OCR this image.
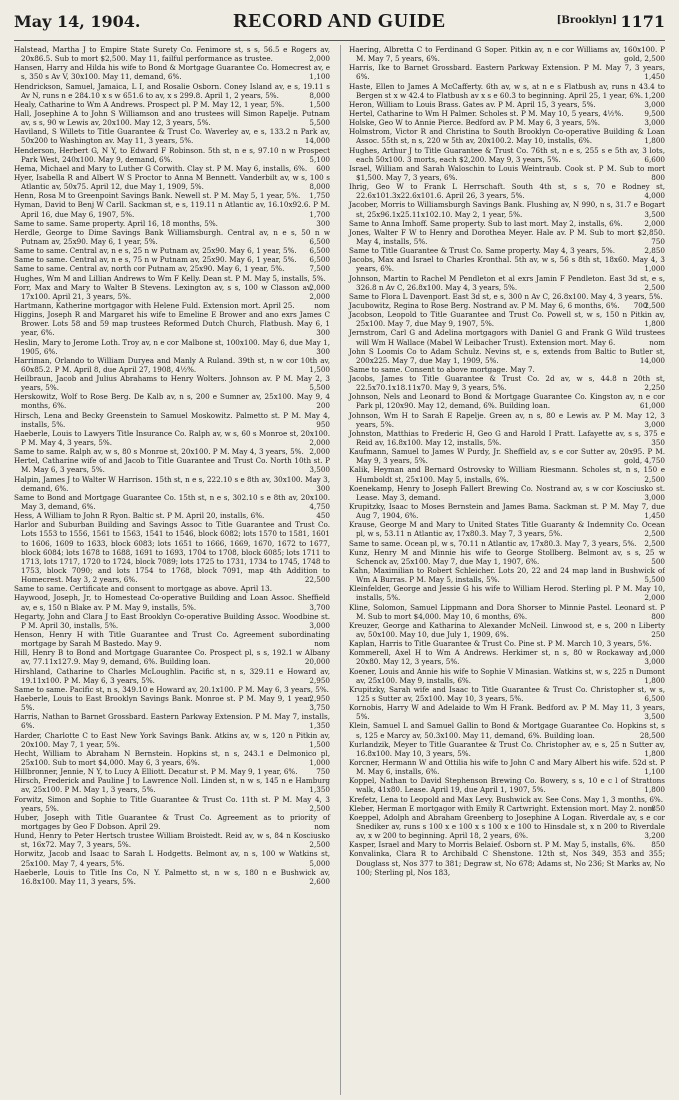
May 14, 1904.	RECORD AND GUIDE	[Brooklyn] 1171

Halstead, Martha J to Empire State Surety Co. Fenimore st, s s, 56.5 e Rogers av, 20x86.5. Sub to mort $2,500. May 11, failful performance as trustee.	2,000

Hansen, Harry and Hilda his wife to Bond & Mortgage Guarantee Co. Homecrest av, e s, 350 s Av V, 30x100. May 11, demand, 6%.	1,100

Hendrickson, Samuel, Jamaica, L I, and Rosalie Osborn. Coney Island av, e s, 19.11 s Av N, runs n e 284.10 x s w 651.6 to av, x s 299.8. April 1, 2 years, 5%.	8,000

Healy, Catharine to Wm A Andrews. Prospect pl. P M. May 12, 1 year, 5%.	1,500

Hall, Josephine A to John S Williamson and ano trustees will Simon Rapelje. Putnam av, s s, 90 w Lewis av, 20x100. May 12, 3 years, 5%.	5,500

Haviland, S Willets to Title Guarantee & Trust Co. Waverley av, e s, 133.2 n Park av, 50x200 to Washington av. May 11, 3 years, 5%.	14,000

Henderson, Herbert G, N Y, to Edward F Robinson. 5th st, n e s, 97.10 n w Prospect Park West, 240x100. May 9, demand, 6%.	5,100

Hema, Michael and Mary to Luther G Corwith. Clay st. P M. May 6, installs, 6%. 600

Hyer, Isabella R and Albert W S Proctor to Anna M Bennett. Vanderbilt av, w s, 100 s Atlantic av, 50x75. April 12, due May 1, 1909, 5%.	8,000

Henn, Rosa M to Greenpoint Savings Bank. Newell st. P M. May 5, 1 year, 5%. 1,750

Hyman, David to Benj W Carll. Sackman st, e s, 119.11 n Atlantic av, 16.10x92.6. P M. April 16, due May 6, 1907, 5%.	1,700

Same to same. Same property. April 16, 18 months, 5%.	300

Herdle, George to Dime Savings Bank Williamsburgh. Central av, n e s, 50 n w Putnam av, 25x90. May 6, 1 year, 5%.	6,500

Same to same. Central av, n e s, 25 n w Putnam av, 25x90. May 6, 1 year, 5%. 6,500

Same to same. Central av, n e s, 75 n w Putnam av, 25x90. May 6, 1 year, 5%. 6,500

Same to same. Central av, north cor Putnam av, 25x90. May 6, 1 year, 5%.	7,500

Hughes, Wm M and Lillian Andrews to Wm F Kelly. Dean st. P M. May 5, installs, 5%.
2,000

Forr, Max and Mary to Walter B Stevens. Lexington av, s s, 100 w Classon av, 17x100. April 21, 3 years, 5%.	2,000

Hartmann, Katherine mortgagor with Helene Fuld. Extension mort. April 25.	nom

Higgins, Joseph R and Margaret his wife to Emeline E Brower and ano exrs James C Brower. Lots 58 and 59 map trustees Reformed Dutch Church, Flatbush. May 6, 1 year, 6%.	300

Heslin, Mary to Jerome Loth. Troy av, n e cor Malbone st, 100x100. May 6, due May 1, 1905, 6%.	300

Harriman, Orlando to William Duryea and Manly A Ruland. 39th st, n w cor 10th av, 60x85.2. P M. April 8, due April 27, 1908, 4½%.	1,500

Heilbraun, Jacob and Julius Abrahams to Henry Wolters. Johnson av. P M. May 2, 3 years, 5%.	5,500

Herskowitz, Wolf to Rose Berg. De Kalb av, n s, 200 e Sumner av, 25x100. May 9, 4 months, 6%.	200

Hirsch, Lena and Becky Greenstein to Samuel Moskowitz. Palmetto st. P M. May 4, installs, 5%.	950

Haeberle, Louis to Lawyers Title Insurance Co. Ralph av, w s, 60 s Monroe st, 20x100. P M. May 4, 3 years, 5%.	2,000

Same to same. Ralph av, w s, 80 s Monroe st, 20x100. P M. May 4, 3 years, 5%. 2,000

Hertel, Catharine wife of and Jacob to Title Guarantee and Trust Co. North 10th st. P M. May 6, 3 years, 5%.	3,500

Halpin, James J to Walter W Harrison. 15th st, n e s, 222.10 s e 8th av, 30x100. May 3, demand, 6%.	300

Same to Bond and Mortgage Guarantee Co. 15th st, n e s, 302.10 s e 8th av, 20x100. May 3, demand, 6%.	4,750

Hess, A William to John R Ryon. Baltic st. P M. April 20, installs, 6%.	450

Harlor and Suburban Building and Savings Assoc to Title Guarantee and Trust Co. Lots 1553 to 1556, 1561 to 1563, 1541 to 1546, block 6082; lots 1570 to 1581, 1601 to 1606, 1609 to 1633, block 6083; lots 1651 to 1666, 1669, 1670, 1672 to 1677, block 6084; lots 1678 to 1688, 1691 to 1693, 1704 to 1708, block 6085; lots 1711 to 1713, lots 1717, 1720 to 1724, block 7089; lots 1725 to 1731, 1734 to 1745, 1748 to 1753, block 7090; and lots 1754 to 1768, block 7091, map 4th Addition to Homecrest. May 3, 2 years, 6%.	22,500

Same to same. Certificate and consent to mortgage as above. April 13.

Haywood, Joseph, Jr, to Homestead Co-operative Building and Loan Assoc. Sheffield av, e s, 150 n Blake av. P M. May 9, installs, 5%.	3,700

Hegarty, John and Clara J to East Brooklyn Co-operative Building Assoc. Woodbine st. P M. April 30, installs, 5%.	3,000

Henson, Henry H with Title Guarantee and Trust Co. Agreement subordinating mortgage by Sarah M Bastedo. May 9.	nom

Hill, Henry B to Bond and Mortgage Guarantee Co. Prospect pl, s s, 192.1 w Albany av, 77.11x127.9. May 9, demand, 6%. Building loan.	20,000

Hirshland, Catharine to Charles McLoughlin. Pacific st, n s, 329.11 e Howard av, 19.11x100. P M. May 6, 3 years, 5%.	2,950

Same to same. Pacific st, n s, 349.10 e Howard av, 20.1x100. P M. May 6, 3 years, 5%.
2,950

Haeberle, Louis to East Brooklyn Savings Bank. Monroe st. P M. May 9, 1 year, 5%.	3,750

Harris, Nathan to Barnet Grossbard. Eastern Parkway Extension. P M. May 7, installs, 6%.	1,350

Harder, Charlotte C to East New York Savings Bank. Atkins av, w s, 120 n Pitkin av, 20x100. May 7, 1 year, 5%.	1,500

Hecht, William to Abraham N Bernstein. Hopkins st, n s, 243.1 e Delmonico pl, 25x100. Sub to mort $4,000. May 6, 3 years, 6%.	1,000

Hillbronner, Jennie, N Y, to Lucy A Elliott. Decatur st. P M. May 9, 1 year, 6%.	750

Hirsch, Frederick and Pauline J to Lawrence Noll. Linden st, n w s, 145 n e Hamburg av, 25x100. P M. May 1, 3 years, 5%.	1,350

Forwitz, Simon and Sophie to Title Guarantee & Trust Co. 11th st. P M. May 4, 3 years, 5%.	2,500

Huber, Joseph with Title Guarantee & Trust Co. Agreement as to priority of mortgages by Geo F Dobson. April 29.	nom

Hund, Henry to Peter Hertsch trustee William Broistedt. Reid av, w s, 84 n Kosciusko st, 16x72. May 7, 3 years, 5%.	2,500

Horwitz, Jacob and Isaac to Sarah L Hodgetts. Belmont av, n s, 100 w Watkins st, 25x100. May 7, 4 years, 5%.	5,000

Haeberle, Louis to Title Ins Co, N Y. Palmetto st, n w s, 180 n e Bushwick av, 16.8x100. May 11, 3 years, 5%.	2,600

Haering, Albretta C to Ferdinand G Soper. Pitkin av, n e cor Williams av, 160x100. P M. May 7, 5 years, 6%.	gold, 2,500

Harris, Ike to Barnet Grossbard. Eastern Parkway Extension. P M. May 7, 3 years, 6%.	1,450

Haste, Ellen to James A McCafferty. 6th av, w s, at n e s Flatbush av, runs n 43.4 to Bergen st x w 42.4 to Flatbush av x s e 60.3 to beginning. April 25, 1 year, 6%. 1,200

Heron, William to Louis Brass. Gates av. P M. April 15, 3 years, 5%.	3,000

Hertel, Catharine to Wm H Palmer. Scholes st. P M. May 10, 5 years, 4½%.	9,500

Holske, Geo W to Annie Pierce. Bedford av. P M. May 6, 3 years, 5%.	3,000

Holmstrom, Victor R and Christina to South Brooklyn Co-operative Building & Loan Assoc. 55th st, n s, 220 w 5th av, 20x100.2. May 10, installs, 6%.	1,800

Hughes, Arthur J to Title Guarantee & Trust Co. 76th st, n e s, 255 s e 5th av, 3 lots, each 50x100. 3 morts, each $2,200. May 9, 3 years, 5%.	6,600

Israel, William and Sarah Waloschin to Louis Weintraub. Cook st. P M. Sub to mort $1,500. May 7, 3 years, 6%.	800

Ihrig, Geo W to Frank L Herrschaft. South 4th st, s s, 70 e Rodney st, 22.6x101.3x22.6x101.6. April 26, 3 years, 5%.	4,000

Jacober, Morris to Williamsburgh Savings Bank. Flushing av, N 990, n s, 31.7 e Bogart st, 25x96.1x25.11x102.10. May 2, 1 year, 5%.	3,500

Same to Anna Imhoff. Same property. Sub to last mort. May 2, installs, 6%.	2,000

Jones, Walter F W to Henry and Dorothea Meyer. Hale av. P M. Sub to mort $2,850. May 4, installs, 5%.	750

Same to Title Guarantee & Trust Co. Same property. May 4, 3 years, 5%.	2,850

Jacobs, Max and Israel to Charles Kronthal. 5th av, w s, 56 s 8th st, 18x60. May 4, 3 years, 6%.	1,000

Johnson, Martin to Rachel M Pendleton et al exrs Jamin F Pendleton. East 3d st, e s, 326.8 n Av C, 26.8x100. May 4, 3 years, 5%.	2,500

Same to Flora L Davenport. East 3d st, e s, 300 n Av C, 26.8x100. May 4, 3 years, 5%.
2,500

Jacubowitz, Regina to Rose Berg. Nostrand av. P M. May 6, 6 months, 6%. 700

Jacobson, Leopold to Title Guarantee and Trust Co. Powell st, w s, 150 n Pitkin av, 25x100. May 7, due May 9, 1907, 5%.	1,800

Jernstrom, Carl G and Adelina mortgagors with Daniel G and Frank G Wild trustees will Wm H Wallace (Mabel W Leibacher Trust). Extension mort. May 6.	nom

John S Loomis Co to Adam Schulz. Nevins st, e s, extends from Baltic to Butler st, 200x225. May 7, due May 1, 1909, 5%.	14,000

Same to same. Consent to above mortgage. May 7.

Jacobs, James to Title Guarantee & Trust Co. 2d av, w s, 44.8 n 20th st, 22.5x70.1x18.11x70. May 9, 3 years, 5%.	2,250

Johnson, Nels and Leonard to Bond & Mortgage Guarantee Co. Kingston av, n e cor Park pl, 120x90. May 12, demand, 6%. Building loan.	61,000

Johnson, Wm H to Sarah E Rapelje. Green av, n s, 80 e Lewis av. P M. May 12, 3 years, 5%.	3,000

Johnston, Matthias to Frederic H, Geo G and Harold I Pratt. Lafayette av, s s, 375 e Reid av, 16.8x100. May 12, installs, 5%.	350

Kaufmann, Samuel to James W Purdy, Jr. Sheffield av, s e cor Sutter av, 20x95. P M. May 9, 3 years, 5%.	gold, 4,750

Kalik, Heyman and Bernard Ostrovsky to William Riesmann. Scholes st, n s, 150 e Humboldt st, 25x100. May 5, installs, 6%.	2,500

Koenekamp, Henry to Joseph Fallert Brewing Co. Nostrand av, s w cor Kosciusko st. Lease. May 3, demand.	3,000

Krupitzky, Isaac to Moses Bernstein and James Bama. Sackman st. P M. May 7, due Aug 7, 1904, 6%.	1,450

Krause, George M and Mary to United States Title Guaranty & Indemnity Co. Ocean pl, w s, 53.11 n Atlantic av, 17x80.3. May 7, 3 years, 5%.	2,500

Same to same. Ocean pl, w s, 70.11 n Atlantic av, 17x80.3. May 7, 3 years, 5%. 2,500

Kunz, Henry M and Minnie his wife to George Stollberg. Belmont av, s s, 25 w Schenck av, 25x100. May 7, due May 1, 1907, 6%.	500

Kahn, Maximilian to Robert Schleicher. Lots 20, 22 and 24 map land in Bushwick of Wm A Burras. P M. May 5, installs, 5%.	5,500

Kleinfelder, George and Jessie G his wife to William Herod. Sterling pl. P M. May 10, installs, 5%.	2,000

Kline, Solomon, Samuel Lippmann and Dora Shorser to Minnie Pastel. Leonard st. P M. Sub to mort $4,000. May 10, 6 months, 6%.	800

Kreuzer, George and Katharina to Alexander McNeil. Linwood st, e s, 200 n Liberty av, 50x100. May 10, due July 1, 1909, 6%.	250

Kaplan, Harris to Title Guarantee & Trust Co. Pine st. P M. March 10, 3 years, 5%.
1,000

Kommerell, Axel H to Wm A Andrews. Herkimer st, n s, 80 w Rockaway av, 20x80. May 12, 3 years, 5%.	3,000

Koener, Louis and Annie his wife to Sophie V Minasian. Watkins st, w s, 225 n Dumont av, 25x100. May 9, installs, 6%.	1,800

Krupitzky, Sarah wife and Isaac to Title Guarantee & Trust Co. Christopher st, w s, 125 s Sutter av, 25x100. May 10, 3 years, 5%.	6,500

Kornobis, Harry W and Adelaide to Wm H Frank. Bedford av. P M. May 11, 3 years, 5%.	3,500

Klein, Samuel L and Samuel Gallin to Bond & Mortgage Guarantee Co. Hopkins st, s s, 125 e Marcy av, 50.3x100. May 11, demand, 6%. Building loan.	28,500

Kurlandzik, Meyer to Title Guarantee & Trust Co. Christopher av, e s, 25 n Sutter av, 16.8x100. May 10, 3 years, 5%.	1,800

Korcner, Hermann W and Ottilia his wife to John C and Mary Albert his wife. 52d st. P M. May 6, installs, 6%.	1,100

Koppel, Nathan to David Stephenson Brewing Co. Bowery, s s, 10 e c l of Strattons walk, 41x80. Lease. April 19, due April 1, 1907, 5%.	1,800

Krefetz, Lena to Leopold and Max Levy. Bushwick av. See Cons. May 1, 3 months, 6%.
850

Kleber, Herman E mortgagor with Emily R Cartwright. Extension mort. May 2. nom

Koeppel, Adolph and Abraham Greenberg to Josephine A Logan. Riverdale av, s e cor Snediker av, runs s 100 x e 100 x s 100 x e 100 to Hinsdale st, x n 200 to Riverdale av, x w 200 to beginning. April 18, 2 years, 6%.	3,200

Kasper, Israel and Mary to Morris Belaief. Osborn st. P M. May 5, installs, 6%. 850

Konvalinka, Clara R to Archibald C Shenstone. 12th st, Nos 349, 353 and 355; Douglass st, Nos 377 to 381; Degraw st, No 678; Adams st, No 236; St Marks av, No 100; Sterling pl, Nos 183,
